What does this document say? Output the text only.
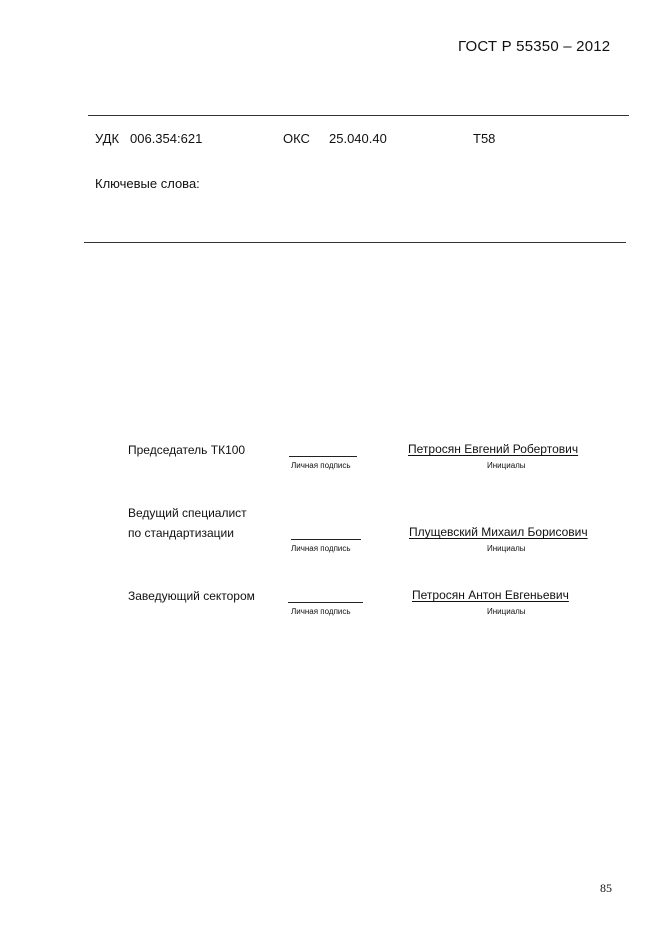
ГОСТ Р 55350 – 2012
УДК 006.354:621	ОКС 25.040.40	Т58
Ключевые слова:
Председатель ТК100
Личная подпись
Петросян Евгений Робертович
Инициалы
Ведущий специалист
по стандартизации
Личная подпись
Плущевский Михаил Борисович
Инициалы
Заведующий сектором
Личная подпись
Петросян Антон Евгеньевич
Инициалы
85
